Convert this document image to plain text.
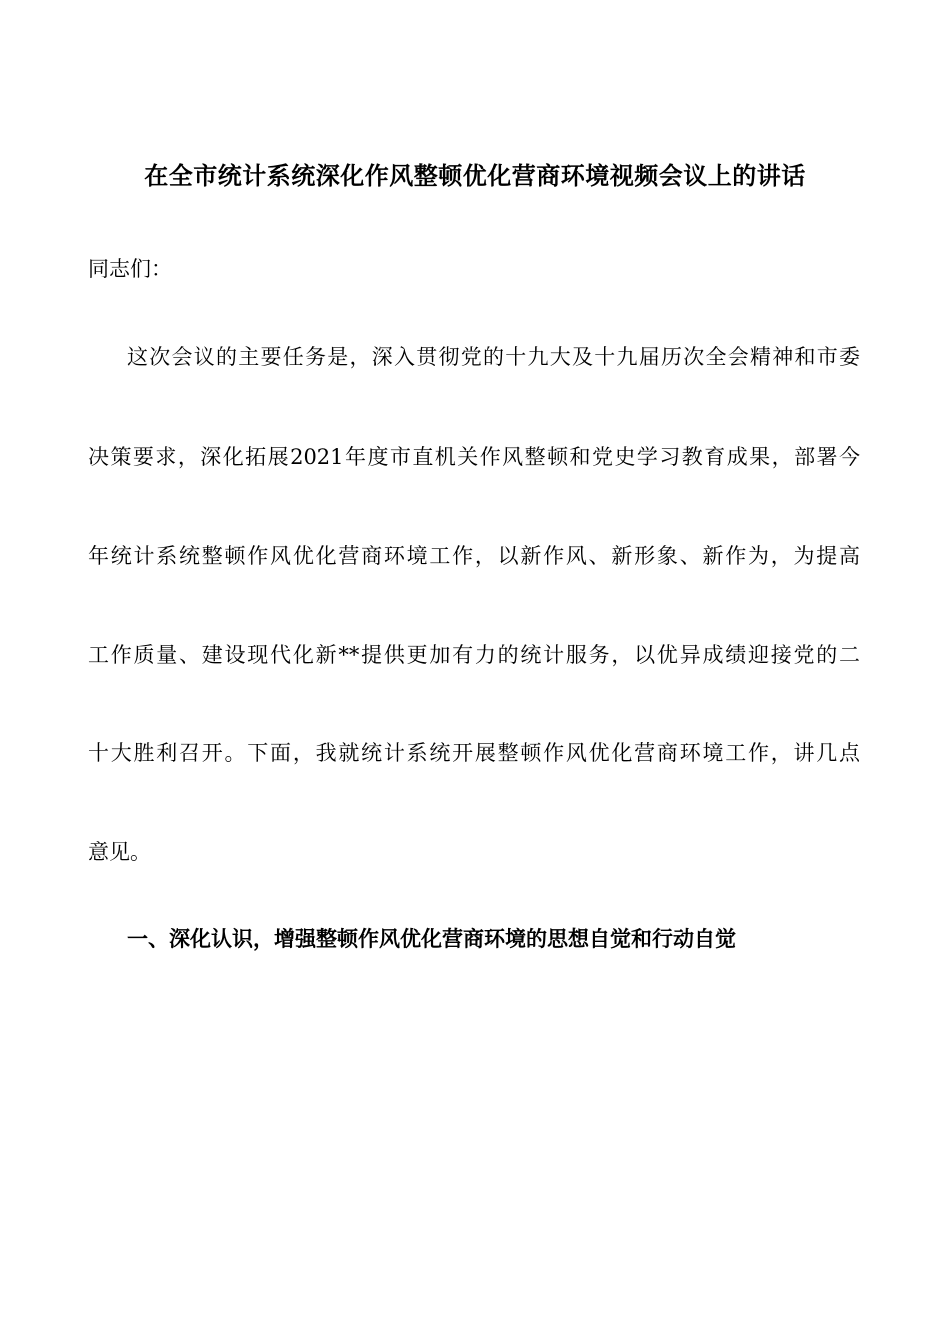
在全市统计系统深化作风整顿优化营商环境视频会议上的讲话
同志们：
这次会议的主要任务是，深入贯彻党的十九大及十九届历次全会精神和市委
决策要求，深化拓展2021年度市直机关作风整顿和党史学习教育成果，部署今
年统计系统整顿作风优化营商环境工作，以新作风、新形象、新作为，为提高
工作质量、建设现代化新**提供更加有力的统计服务，以优异成绩迎接党的二
十大胜利召开。下面，我就统计系统开展整顿作风优化营商环境工作，讲几点
意见。
一、深化认识，增强整顿作风优化营商环境的思想自觉和行动自觉
